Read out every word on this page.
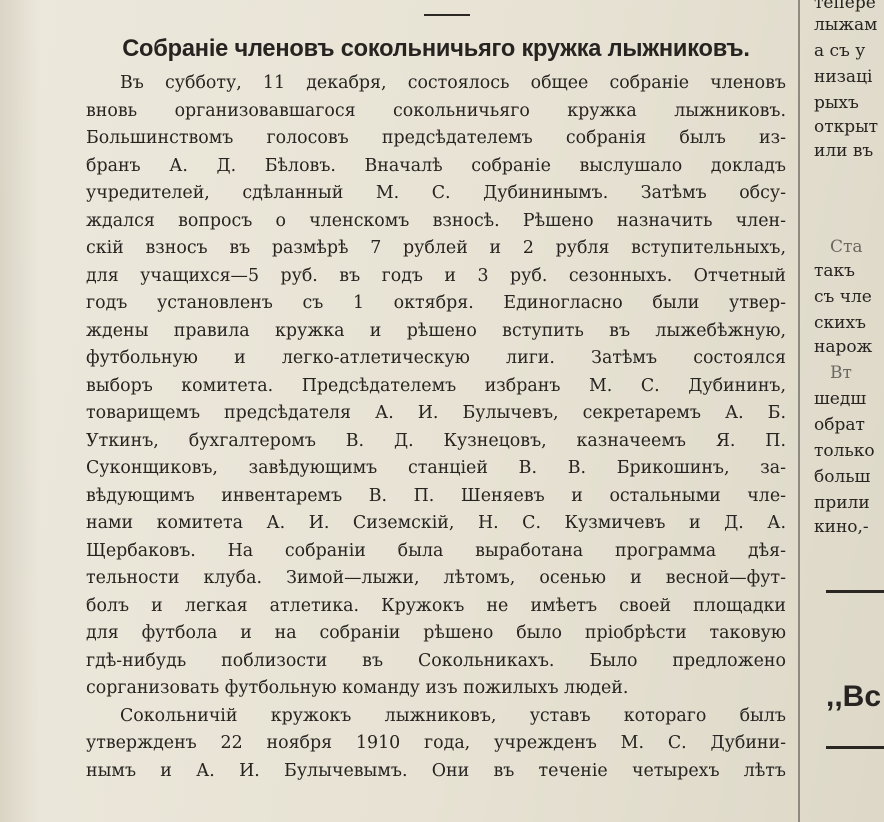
Собраніе членовъ сокольничьяго кружка лыжниковъ.
Въ субботу, 11 декабря, состоялось общее собраніе членовъ
вновь организовавшагося сокольничьяго кружка лыжниковъ.
Большинствомъ голосовъ предсѣдателемъ собранія былъ из-
бранъ А. Д. Бѣловъ. Вначалѣ собраніе выслушало докладъ
учредителей, сдѣланный М. С. Дубининымъ. Затѣмъ обсу-
ждался вопросъ о членскомъ взносѣ. Рѣшено назначить члeн-
скій взносъ въ размѣрѣ 7 рублей и 2 рубля вступительныхъ,
для учащихся—5 руб. въ годъ и 3 руб. сезонныхъ. Отчетный
годъ установленъ съ 1 октября. Единогласно были утвер-
ждены правила кружка и рѣшено вступить въ лыжебѣжную,
футбольную и легко-атлетическую лиги. Затѣмъ состоялся
выборъ комитета. Предсѣдателемъ избранъ М. С. Дубининъ,
товарищемъ предсѣдателя А. И. Булычевъ, секретаремъ А. Б.
Уткинъ, бухгалтеромъ В. Д. Кузнецовъ, казначеемъ Я. П.
Суконщиковъ, завѣдующимъ станціей В. В. Брикошинъ, за-
вѣдующимъ инвентаремъ В. П. Шеняевъ и остальными чле-
нами комитета А. И. Сиземскій, Н. С. Кузмичевъ и Д. А.
Щербаковъ. На собраніи была выработана программа дѣя-
тельности клуба. Зимой—лыжи, лѣтомъ, осенью и весной—фут-
болъ и легкая атлетика. Кружокъ не имѣетъ своей площадки
для футбола и на собраніи рѣшено было пріобрѣсти таковую
гдѣ-нибудь поблизости въ Сокольникахъ. Было предложено
сорганизовать футбольную команду изъ пожилыхъ людей.
Сокольничій кружокъ лыжниковъ, уставъ котораго былъ
утвержденъ 22 ноября 1910 года, учрежденъ М. С. Дубини-
нымъ и А. И. Булычевымъ. Они въ теченіе четырехъ лѣтъ
,,Вс
тепере
лыжам
а съ у
низаці
рыхъ
открыт
или въ
Ста
такъ
съ чле
скихъ
нарож
Вт
шедш
обрат
только
больш
прили
кино,-
